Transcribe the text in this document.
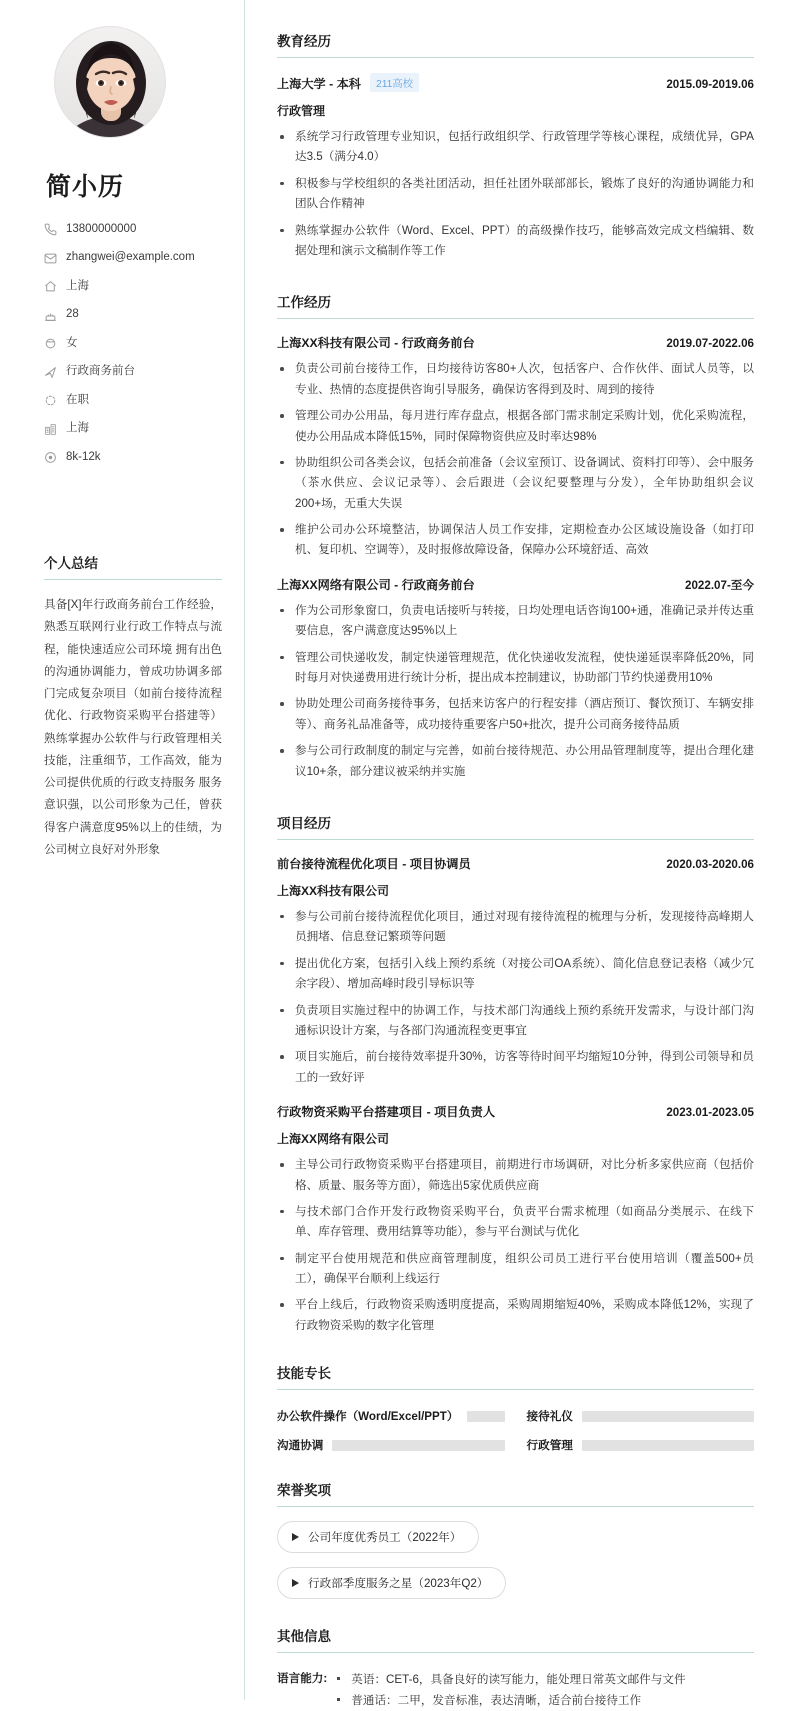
简小历
13800000000
zhangwei@example.com
上海
28
女
行政商务前台
在职
上海
8k-12k
个人总结

具备[X]年行政商务前台工作经验，熟悉互联网行业行政工作特点与流程，能快速适应公司环境 拥有出色的沟通协调能力，曾成功协调多部门完成复杂项目（如前台接待流程优化、行政物资采购平台搭建等）熟练掌握办公软件与行政管理相关技能，注重细节，工作高效，能为公司提供优质的行政支持服务 服务意识强，以公司形象为己任，曾获得客户满意度95%以上的佳绩，为公司树立良好对外形象

教育经历
上海大学 - 本科 211高校	2015.09-2019.06
行政管理
系统学习行政管理专业知识，包括行政组织学、行政管理学等核心课程，成绩优异，GPA达3.5（满分4.0）
积极参与学校组织的各类社团活动，担任社团外联部部长，锻炼了良好的沟通协调能力和团队合作精神
熟练掌握办公软件（Word、Excel、PPT）的高级操作技巧，能够高效完成文档编辑、数据处理和演示文稿制作等工作
工作经历
上海XX科技有限公司 - 行政商务前台	2019.07-2022.06
负责公司前台接待工作，日均接待访客80+人次，包括客户、合作伙伴、面试人员等，以专业、热情的态度提供咨询引导服务，确保访客得到及时、周到的接待
管理公司办公用品，每月进行库存盘点，根据各部门需求制定采购计划，优化采购流程，使办公用品成本降低15%，同时保障物资供应及时率达98%
协助组织公司各类会议，包括会前准备（会议室预订、设备调试、资料打印等）、会中服务（茶水供应、会议记录等）、会后跟进（会议纪要整理与分发），全年协助组织会议200+场，无重大失误
维护公司办公环境整洁，协调保洁人员工作安排，定期检查办公区域设施设备（如打印机、复印机、空调等），及时报修故障设备，保障办公环境舒适、高效
上海XX网络有限公司 - 行政商务前台	2022.07-至今
作为公司形象窗口，负责电话接听与转接，日均处理电话咨询100+通，准确记录并传达重要信息，客户满意度达95%以上
管理公司快递收发，制定快递管理规范，优化快递收发流程，使快递延误率降低20%，同时每月对快递费用进行统计分析，提出成本控制建议，协助部门节约快递费用10%
协助处理公司商务接待事务，包括来访客户的行程安排（酒店预订、餐饮预订、车辆安排等）、商务礼品准备等，成功接待重要客户50+批次，提升公司商务接待品质
参与公司行政制度的制定与完善，如前台接待规范、办公用品管理制度等，提出合理化建议10+条，部分建议被采纳并实施
项目经历
前台接待流程优化项目 - 项目协调员	2020.03-2020.06
上海XX科技有限公司
参与公司前台接待流程优化项目，通过对现有接待流程的梳理与分析，发现接待高峰期人员拥堵、信息登记繁琐等问题
提出优化方案，包括引入线上预约系统（对接公司OA系统）、简化信息登记表格（减少冗余字段）、增加高峰时段引导标识等
负责项目实施过程中的协调工作，与技术部门沟通线上预约系统开发需求，与设计部门沟通标识设计方案，与各部门沟通流程变更事宜
项目实施后，前台接待效率提升30%，访客等待时间平均缩短10分钟，得到公司领导和员工的一致好评
行政物资采购平台搭建项目 - 项目负责人	2023.01-2023.05
上海XX网络有限公司
主导公司行政物资采购平台搭建项目，前期进行市场调研，对比分析多家供应商（包括价格、质量、服务等方面），筛选出5家优质供应商
与技术部门合作开发行政物资采购平台，负责平台需求梳理（如商品分类展示、在线下单、库存管理、费用结算等功能），参与平台测试与优化
制定平台使用规范和供应商管理制度，组织公司员工进行平台使用培训（覆盖500+员工），确保平台顺利上线运行
平台上线后，行政物资采购透明度提高，采购周期缩短40%，采购成本降低12%，实现了行政物资采购的数字化管理
技能专长
办公软件操作（Word/Excel/PPT）	接待礼仪
沟通协调	行政管理
荣誉奖项
公司年度优秀员工（2022年）
行政部季度服务之星（2023年Q2）
其他信息
语言能力:	英语：CET-6，具备良好的读写能力，能处理日常英文邮件与文件
普通话：二甲，发音标准，表达清晰，适合前台接待工作
